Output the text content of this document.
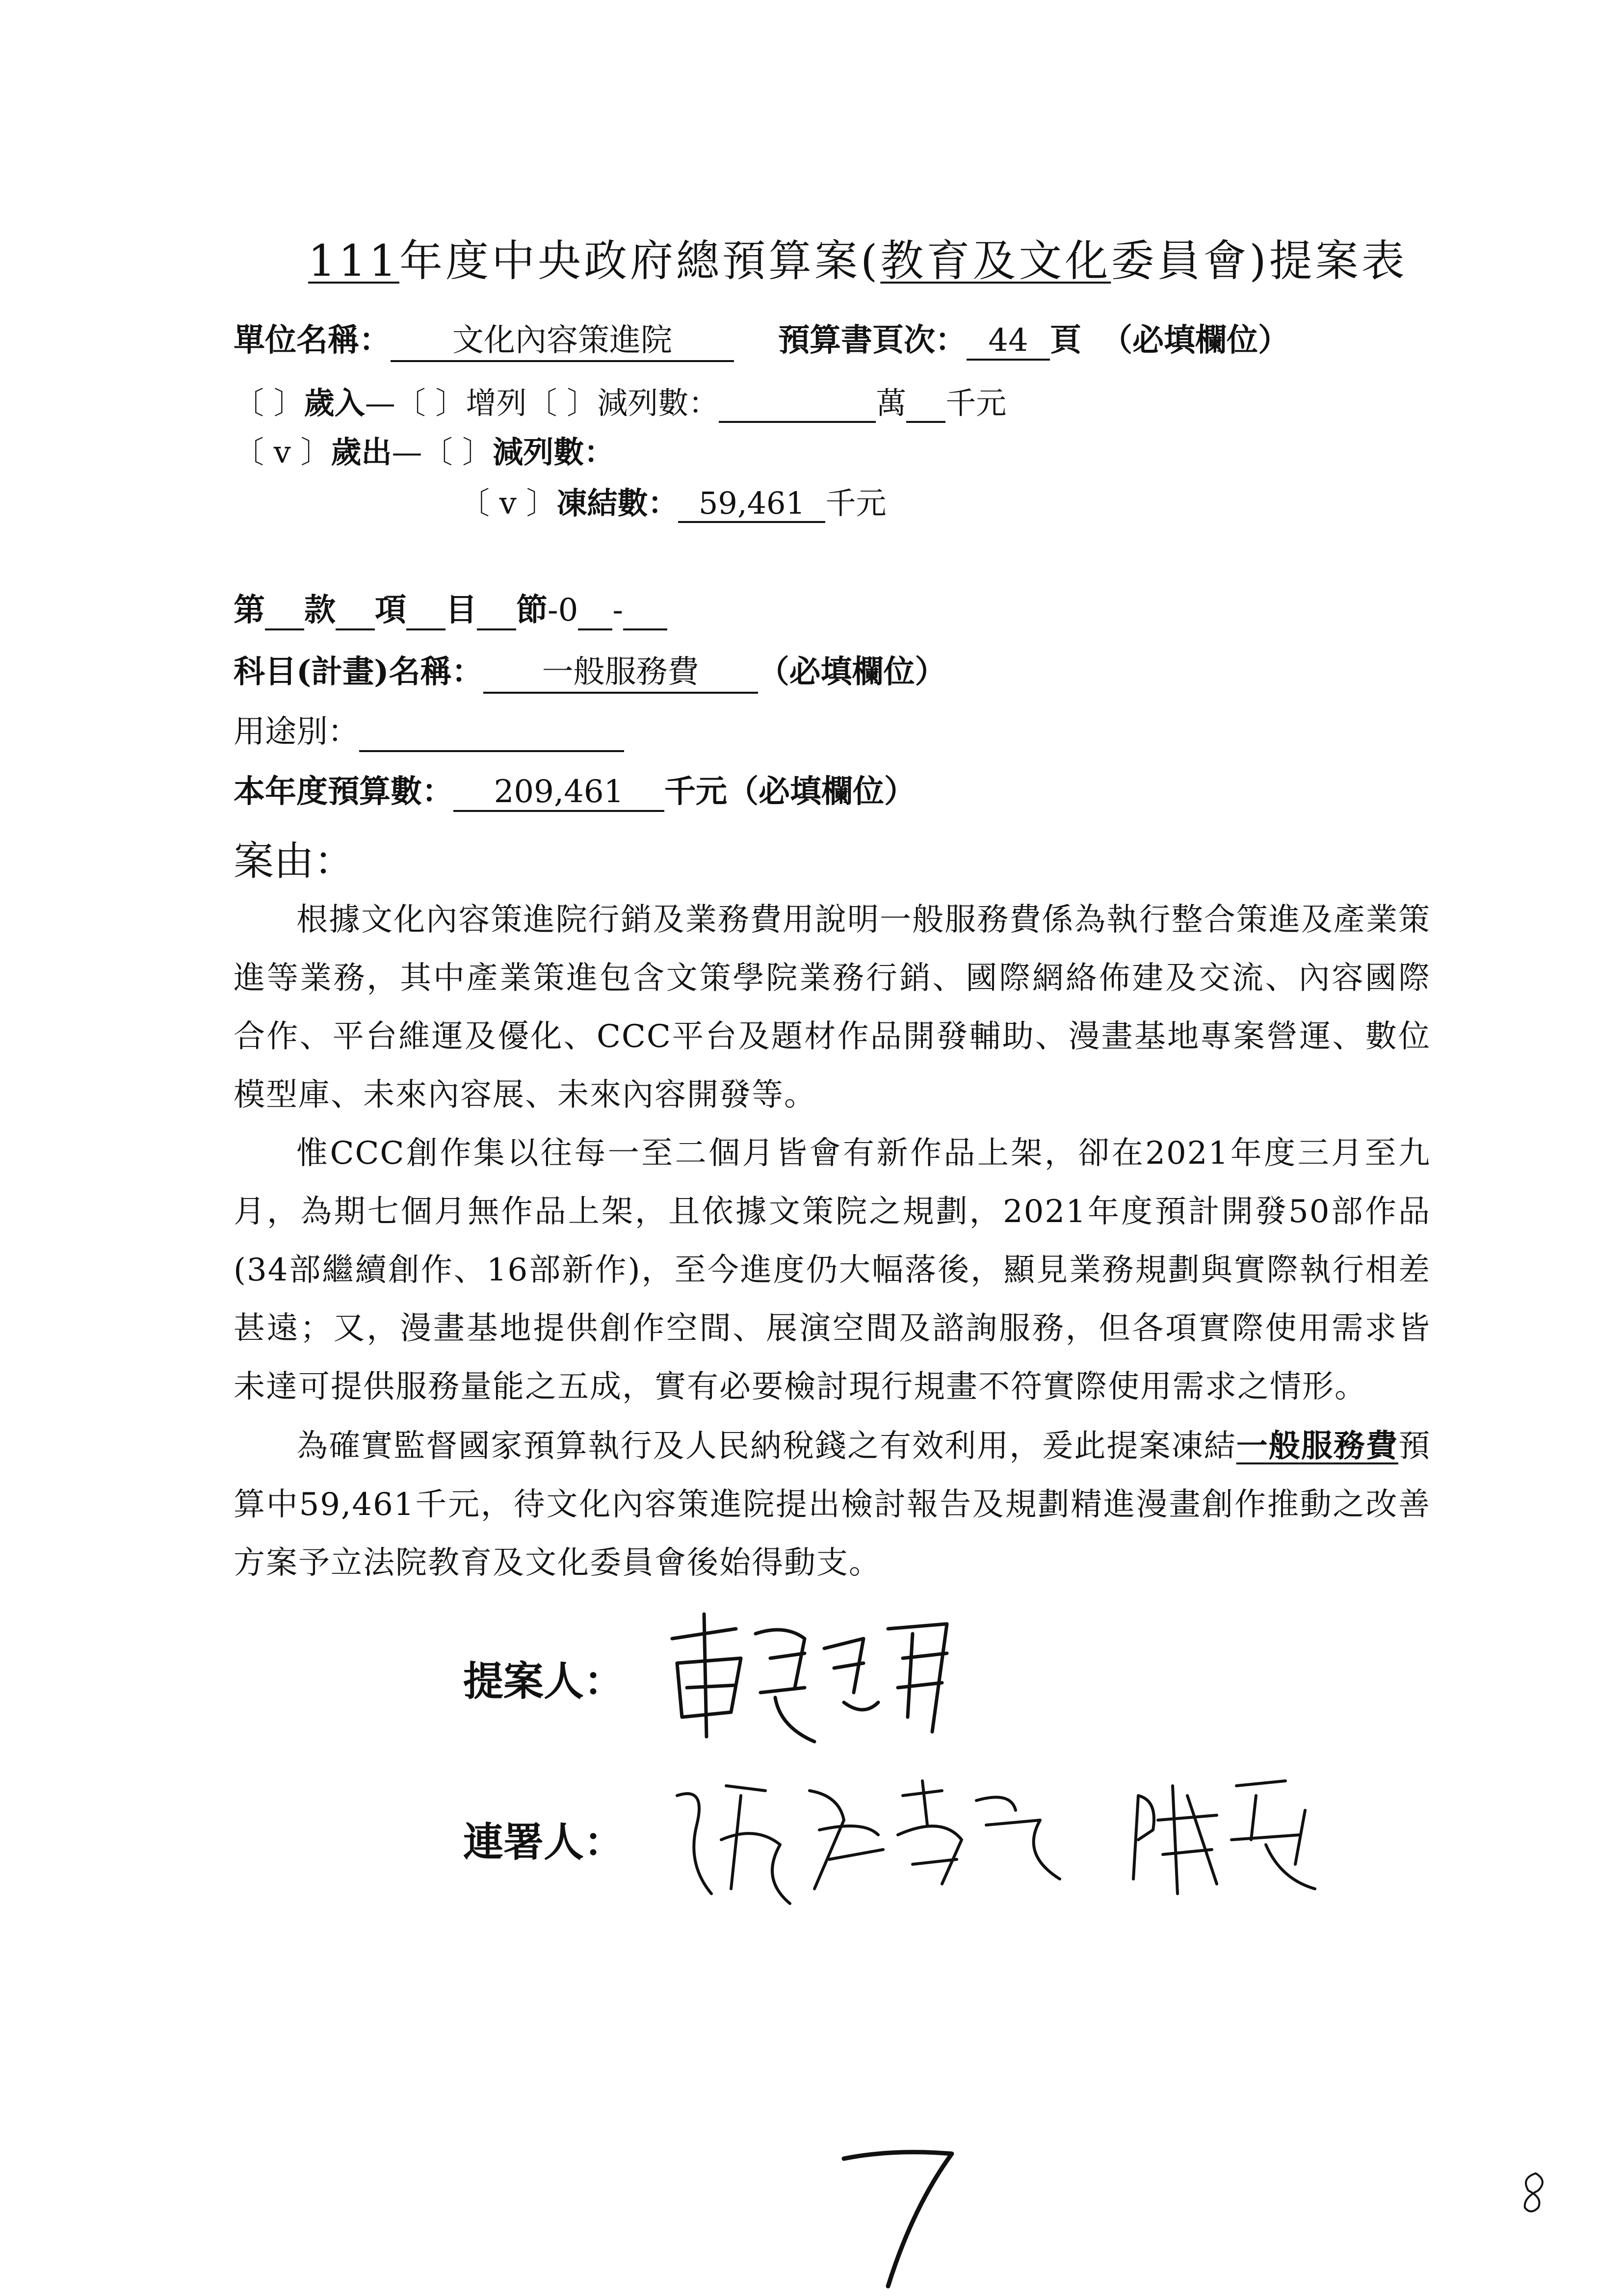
111年度中央政府總預算案(教育及文化委員會)提案表
單位名稱： 文化內容策進院	預算書頁次： 44 頁 （必填欄位）
〔 〕歲入—〔 〕增列〔 〕減列數：	萬 千元
〔 v 〕歲出—〔 〕減列數：
〔 v 〕凍結數： 59,461 千元
第 款 項 目 節-0 -
科目(計畫)名稱： 一般服務費 （必填欄位）
用途別：
本年度預算數： 209,461 千元（必填欄位）
案由：
根據文化內容策進院行銷及業務費用說明一般服務費係為執行整合策進及產業策進等業務，其中產業策進包含文策學院業務行銷、國際網絡佈建及交流、內容國際合作、平台維運及優化、CCC平台及題材作品開發輔助、漫畫基地專案營運、數位模型庫、未來內容展、未來內容開發等。
惟CCC創作集以往每一至二個月皆會有新作品上架，卻在2021年度三月至九月，為期七個月無作品上架，且依據文策院之規劃，2021年度預計開發50部作品(34部繼續創作、16部新作)，至今進度仍大幅落後，顯見業務規劃與實際執行相差甚遠；又，漫畫基地提供創作空間、展演空間及諮詢服務，但各項實際使用需求皆未達可提供服務量能之五成，實有必要檢討現行規畫不符實際使用需求之情形。
為確實監督國家預算執行及人民納稅錢之有效利用，爰此提案凍結一般服務費預算中59,461千元，待文化內容策進院提出檢討報告及規劃精進漫畫創作推動之改善方案予立法院教育及文化委員會後始得動支。
提案人：
連署人：
